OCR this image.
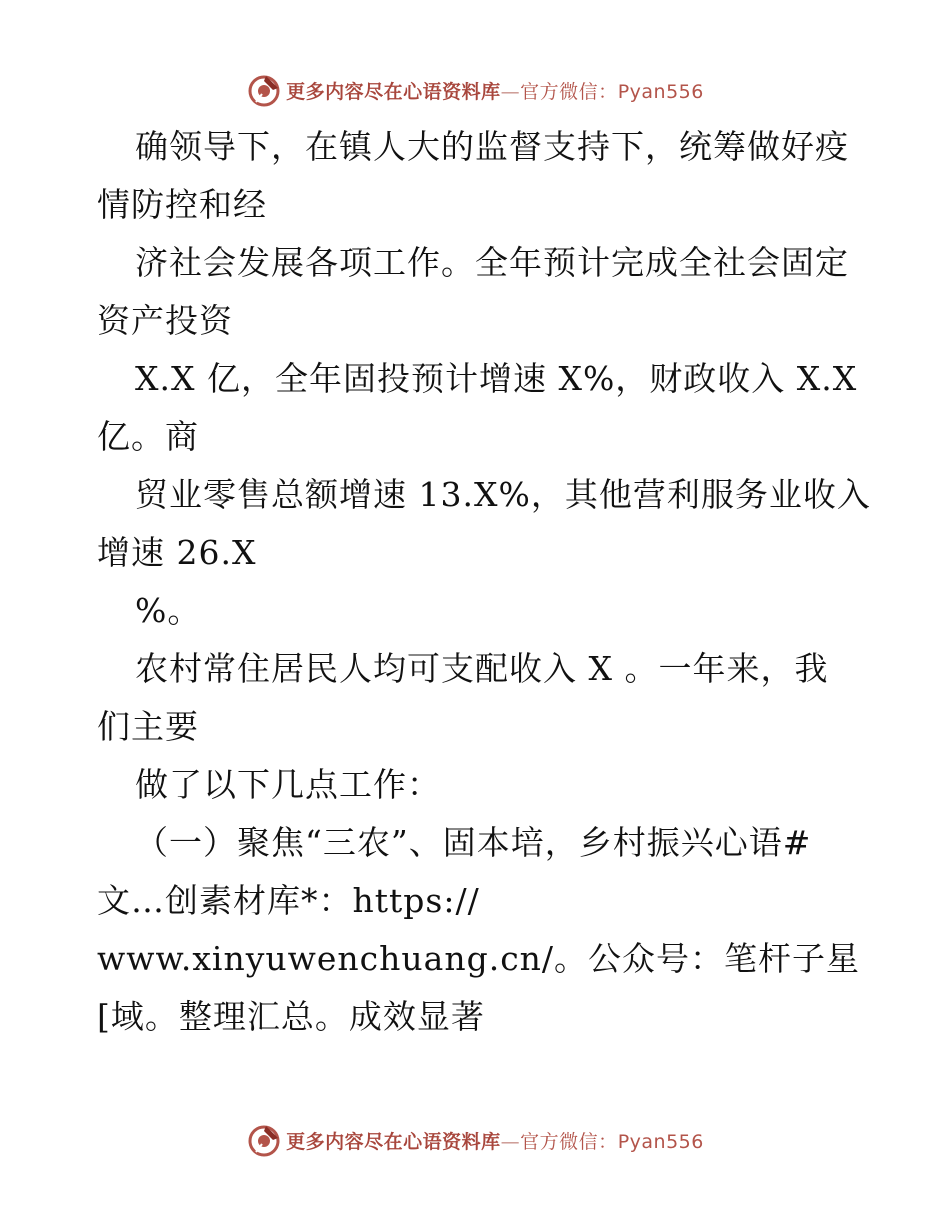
更多内容尽在心语资料库—官方微信：Pyan556
确领导下，在镇人大的监督支持下，统筹做好疫
情防控和经
济社会发展各项工作。全年预计完成全社会固定
资产投资
X.X 亿，全年固投预计增速 X%，财政收入 X.X
亿。商
贸业零售总额增速 13.X%，其他营利服务业收入
增速 26.X
%。
农村常住居民人均可支配收入 X 。一年来，我
们主要
做了以下几点工作：
（一）聚焦“三农”、固本培，乡村振兴心语#
文…创素材库*：https://
www.xinyuwenchuang.cn/。公众号：笔杆子星
[域。整理汇总。成效显著
更多内容尽在心语资料库—官方微信：Pyan556
